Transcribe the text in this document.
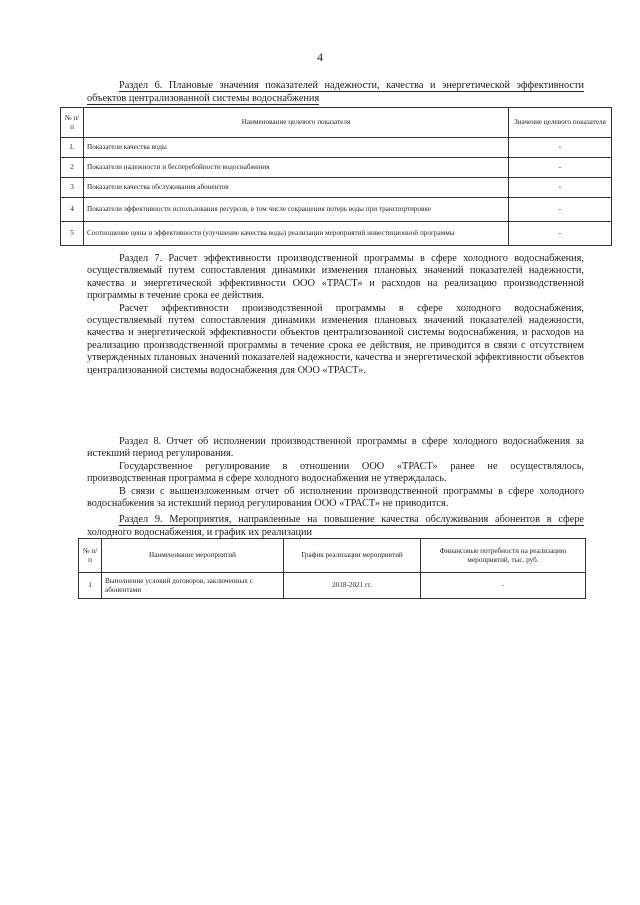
4
Раздел 6. Плановые значения показателей надежности, качества и энергетической эффективности объектов централизованной системы водоснабжения
№ п/п	Наименование целевого показателя	Значение целевого показателя
1.	Показатели качества воды	-
2	Показатели надежности и бесперебойности водоснабжения	-
3	Показатели качества обслуживания абонентов	-
4	Показатели эффективности использования ресурсов, в том числе сокращения потерь воды при транспортировке	-
5	Соотношение цены и эффективности (улучшение качества воды) реализации мероприятий инвестиционной программы	-

Раздел 7. Расчет эффективности производственной программы в сфере холодного водоснабжения, осуществляемый путем сопоставления динамики изменения плановых значений показателей надежности, качества и энергетической эффективности ООО «ТРАСТ» и расходов на реализацию производственной программы в течение срока ее действия.

Расчет эффективности производственной программы в сфере холодного водоснабжения, осуществляемый путем сопоставления динамики изменения плановых значений показателей надежности, качества и энергетической эффективности объектов централизованной системы водоснабжения, и расходов на реализацию производственной программы в течение срока ее действия, не приводится в связи с отсутствием утвержденных плановых значений показателей надежности, качества и энергетической эффективности объектов централизованной системы водоснабжения для ООО «ТРАСТ».

Раздел 8. Отчет об исполнении производственной программы в сфере холодного водоснабжения за истекший период регулирования.

Государственное регулирование в отношении ООО «ТРАСТ» ранее не осуществлялось, производственная программа в сфере холодного водоснабжения не утверждалась.

В связи с вышеизложенным отчет об исполнении производственной программы в сфере холодного водоснабжения за истекший период регулирования ООО «ТРАСТ» не приводится.

Раздел 9. Мероприятия, направленные на повышение качества обслуживания абонентов в сфере холодного водоснабжения, и график их реализации
№ п/п	Наименование мероприятий	График реализации мероприятий	Финансовые потребности на реализацию мероприятий, тыс. руб.
1	Выполнение условий договоров, заключенных с абонентами	2018-2021 гг.	-
